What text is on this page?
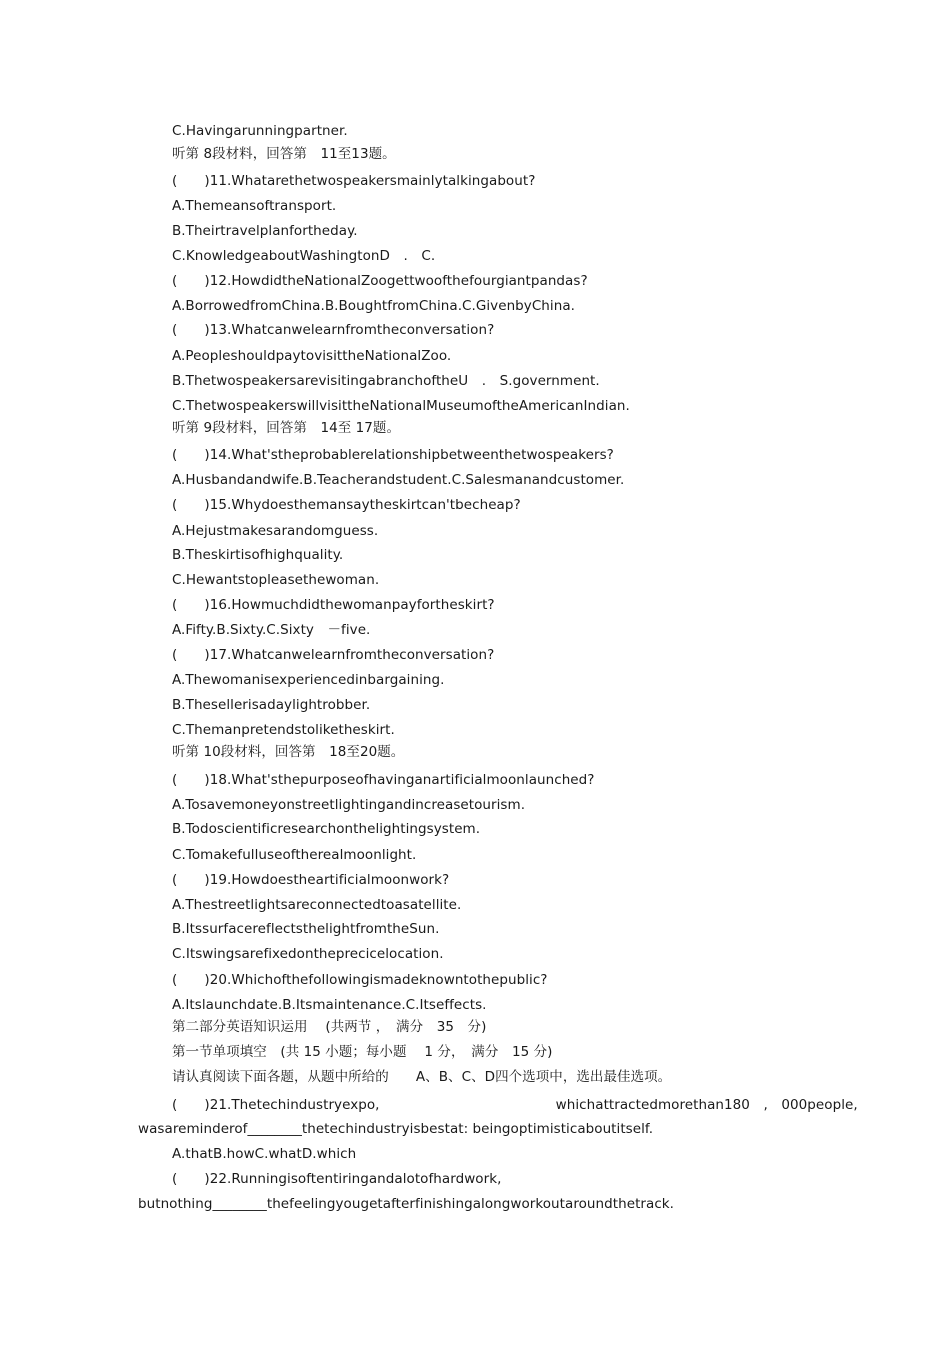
C.Havingarunningpartner.
听第 8段材料，回答第　11至13题。
(　　)11.Whatarethetwospeakersmainlytalkingabout?
A.Themeansoftransport.
B.Theirtravelplanfortheday.
C.KnowledgeaboutWashingtonD　.　C.
(　　)12.HowdidtheNationalZoogettwoofthefourgiantpandas?
A.BorrowedfromChina.B.BoughtfromChina.C.GivenbyChina.
(　　)13.Whatcanwelearnfromtheconversation?
A.PeopleshouldpaytovisittheNationalZoo.
B.ThetwospeakersarevisitingabranchoftheU　.　S.government.
C.ThetwospeakerswillvisittheNationalMuseumoftheAmericanIndian.
听第 9段材料，回答第　14至 17题。
(　　)14.What'stheprobablerelationshipbetweenthetwospeakers?
A.Husbandandwife.B.Teacherandstudent.C.Salesmanandcustomer.
(　　)15.Whydoesthemansaytheskirtcan'tbecheap?
A.Hejustmakesarandomguess.
B.Theskirtisofhighquality.
C.Hewantstopleasethewoman.
(　　)16.Howmuchdidthewomanpayfortheskirt?
A.Fifty.B.Sixty.C.Sixty　－five.
(　　)17.Whatcanwelearnfromtheconversation?
A.Thewomanisexperiencedinbargaining.
B.Thesellerisadaylightrobber.
C.Themanpretendstoliketheskirt.
听第 10段材料，回答第　18至20题。
(　　)18.What'sthepurposeofhavinganartificialmoonlaunched?
A.Tosavemoneyonstreetlightingandincreasetourism.
B.Todoscientificresearchonthelightingsystem.
C.Tomakefulluseoftherealmoonlight.
(　　)19.Howdoestheartificialmoonwork?
A.Thestreetlightsareconnectedtoasatellite.
B.ItssurfacereflectsthelightfromtheSun.
C.Itswingsarefixedontheprecicelocation.
(　　)20.Whichofthefollowingismadeknowntothepublic?
A.Itslaunchdate.B.Itsmaintenance.C.Itseffects.
第二部分英语知识运用　 (共两节 ，　满分　35　分)
第一节单项填空　(共 15 小题；每小题　 1 分，　满分　15 分)
请认真阅读下面各题，从题中所给的　　A、B、C、D四个选项中，选出最佳选项。
(　　)21.Thetechindustryexpo,　　　　　　　　　　　　　whichattractedmorethan180　,　000people,
wasareminderof________thetechindustryisbestat: beingoptimisticaboutitself.
A.thatB.howC.whatD.which
(　　)22.Runningisoftentiringandalotofhardwork,
butnothing________thefeelingyougetafterfinishingalongworkoutaroundthetrack.
